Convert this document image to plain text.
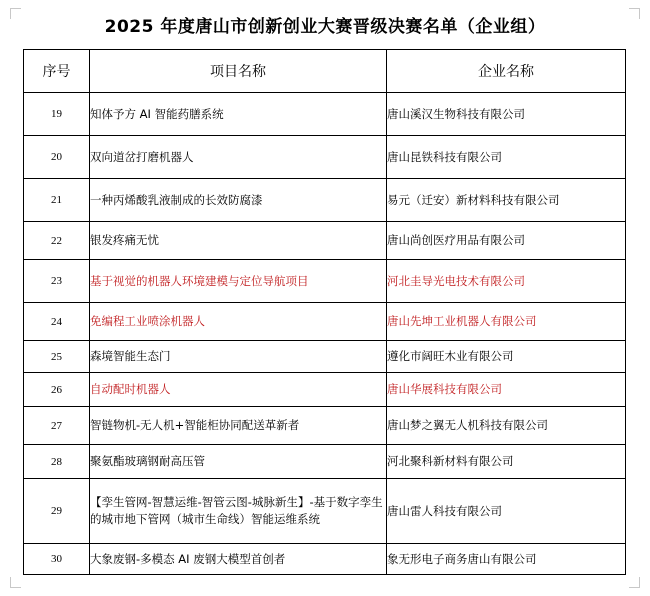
2025 年度唐山市创新创业大赛晋级决赛名单（企业组）
序号	项目名称	企业名称
19	知体予方 AI 智能药膳系统	唐山溪汉生物科技有限公司
20	双向道岔打磨机器人	唐山昆铁科技有限公司
21	一种丙烯酸乳液制成的长效防腐漆	易元（迁安）新材料科技有限公司
22	银发疼痛无忧	唐山尚创医疗用品有限公司
23	基于视觉的机器人环境建模与定位导航项目	河北圭导光电技术有限公司
24	免编程工业喷涂机器人	唐山先坤工业机器人有限公司
25	森境智能生态门	遵化市阔旺木业有限公司
26	自动配时机器人	唐山华展科技有限公司
27	智链物机-无人机+智能柜协同配送革新者	唐山梦之翼无人机科技有限公司
28	聚氨酯玻璃钢耐高压管	河北聚科新材料有限公司
29	【孪生管网-智慧运维-智管云图-城脉新生】-基于数字孪生的城市地下管网（城市生命线）智能运维系统	唐山雷人科技有限公司
30	大象废钢-多模态 AI 废钢大模型首创者	象无形电子商务唐山有限公司
